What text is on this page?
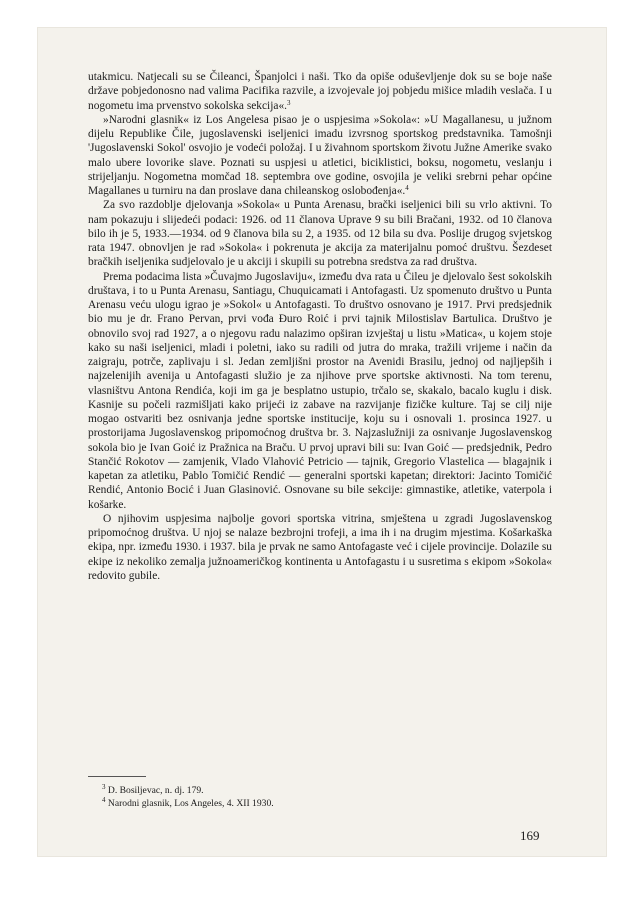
utakmicu. Natjecali su se Čileanci, Španjolci i naši. Tko da opiše oduševljenje dok su se boje naše države pobjedonosno nad valima Pacifika razvile, a izvojevale joj pobjedu mišice mladih veslača. I u nogometu ima prvenstvo sokolska sekcija«.$^3$

»Narodni glasnik« iz Los Angelesa pisao je o uspjesima »Sokola«: »U Magallanesu, u južnom dijelu Republike Čile, jugoslavenski iseljenici imadu izvrsnog sportskog predstavnika. Tamošnji 'Jugoslavenski Sokol' osvojio je vodeći položaj. I u živahnom sportskom životu Južne Amerike svako malo ubere lovorike slave. Poznati su uspjesi u atletici, biciklistici, boksu, nogometu, veslanju i strijeljanju. Nogometna momčad 18. septembra ove godine, osvojila je veliki srebrni pehar općine Magallanes u turniru na dan proslave dana chileanskog oslobođenja«.$^4$

Za svo razdoblje djelovanja »Sokola« u Punta Arenasu, bračkі iseljenici bili su vrlo aktivni. To nam pokazuju i slijedeći podaci: 1926. od 11 članova Uprave 9 su bili Bračani, 1932. od 10 članova bilo ih je 5, 1933.—1934. od 9 članova bila su 2, a 1935. od 12 bila su dva. Poslije drugog svjetskog rata 1947. obnovljen je rad »Sokola« i pokrenuta je akcija za materijalnu pomoć društvu. Šezdeset bračkih iseljenika sudjelovalo je u akciji i skupili su potrebna sredstva za rad društva.

Prema podacima lista »Čuvajmo Jugoslaviju«, između dva rata u Čileu je djelovalo šest sokolskih društava, i to u Punta Arenasu, Santiagu, Chuquicamati i Antofagasti. Uz spomenuto društvo u Punta Arenasu veću ulogu igrao je »Sokol« u Antofagasti. To društvo osnovano je 1917. Prvi predsjednik bio mu je dr. Frano Pervan, prvi vođa Đuro Roić i prvi tajnik Milostislav Bartulica. Društvo je obnovilo svoj rad 1927, a o njegovu radu nalazimo opširan izvještaj u listu »Matica«, u kojem stoje kako su naši iseljenici, mladi i poletni, iako su radili od jutra do mraka, tražili vrijeme i način da zaigraju, potrče, zaplivaju i sl. Jedan zemljišni prostor na Avenidi Brasilu, jednoj od najljepših i najzelenijih avenija u Antofagasti služio je za njihove prve sportske aktivnosti. Na tom terenu, vlasništvu Antona Rendića, koji im ga je besplatno ustupio, trčalo se, skakalo, bacalo kuglu i disk. Kasnije su počeli razmišljati kako prijeći iz zabave na razvijanje fizičke kulture. Taj se cilj nije mogao ostvariti bez osnivanja jedne sportske institucije, koju su i osnovali 1. prosinca 1927. u prostorijama Jugoslavenskog pripomoćnog društva br. 3. Najzaslužniji za osnivanje Jugoslavenskog sokola bio je Ivan Goić iz Pražnica na Braču. U prvoj upravi bili su: Ivan Goić — predsjednik, Pedro Stančić Rokotov — zamjenik, Vlado Vlahović Petricio — tajnik, Gregorio Vlastelica — blagajnik i kapetan za atletiku, Pablo Tomičić Rendić — generalni sportski kapetan; direktori: Jacinto Tomičić Rendić, Antonio Bocić i Juan Glasinović. Osnovane su bile sekcije: gimnastike, atletike, vaterpola i košarke.

O njihovim uspjesima najbolje govori sportska vitrina, smještena u zgradi Jugoslavenskog pripomoćnog društva. U njoj se nalaze bezbrojni trofeji, a ima ih i na drugim mjestima. Košarkaška ekipa, npr. između 1930. i 1937. bila je prvak ne samo Antofagaste već i cijele provincije. Dolazile su ekipe iz nekoliko zemalja južnoameričkog kontinenta u Antofagastu i u susretima s ekipom »Sokola« redovito gubile.

$^3$ D. Bosiljevac, n. dj. 179.
$^4$ Narodni glasnik, Los Angeles, 4. XII 1930.
169
